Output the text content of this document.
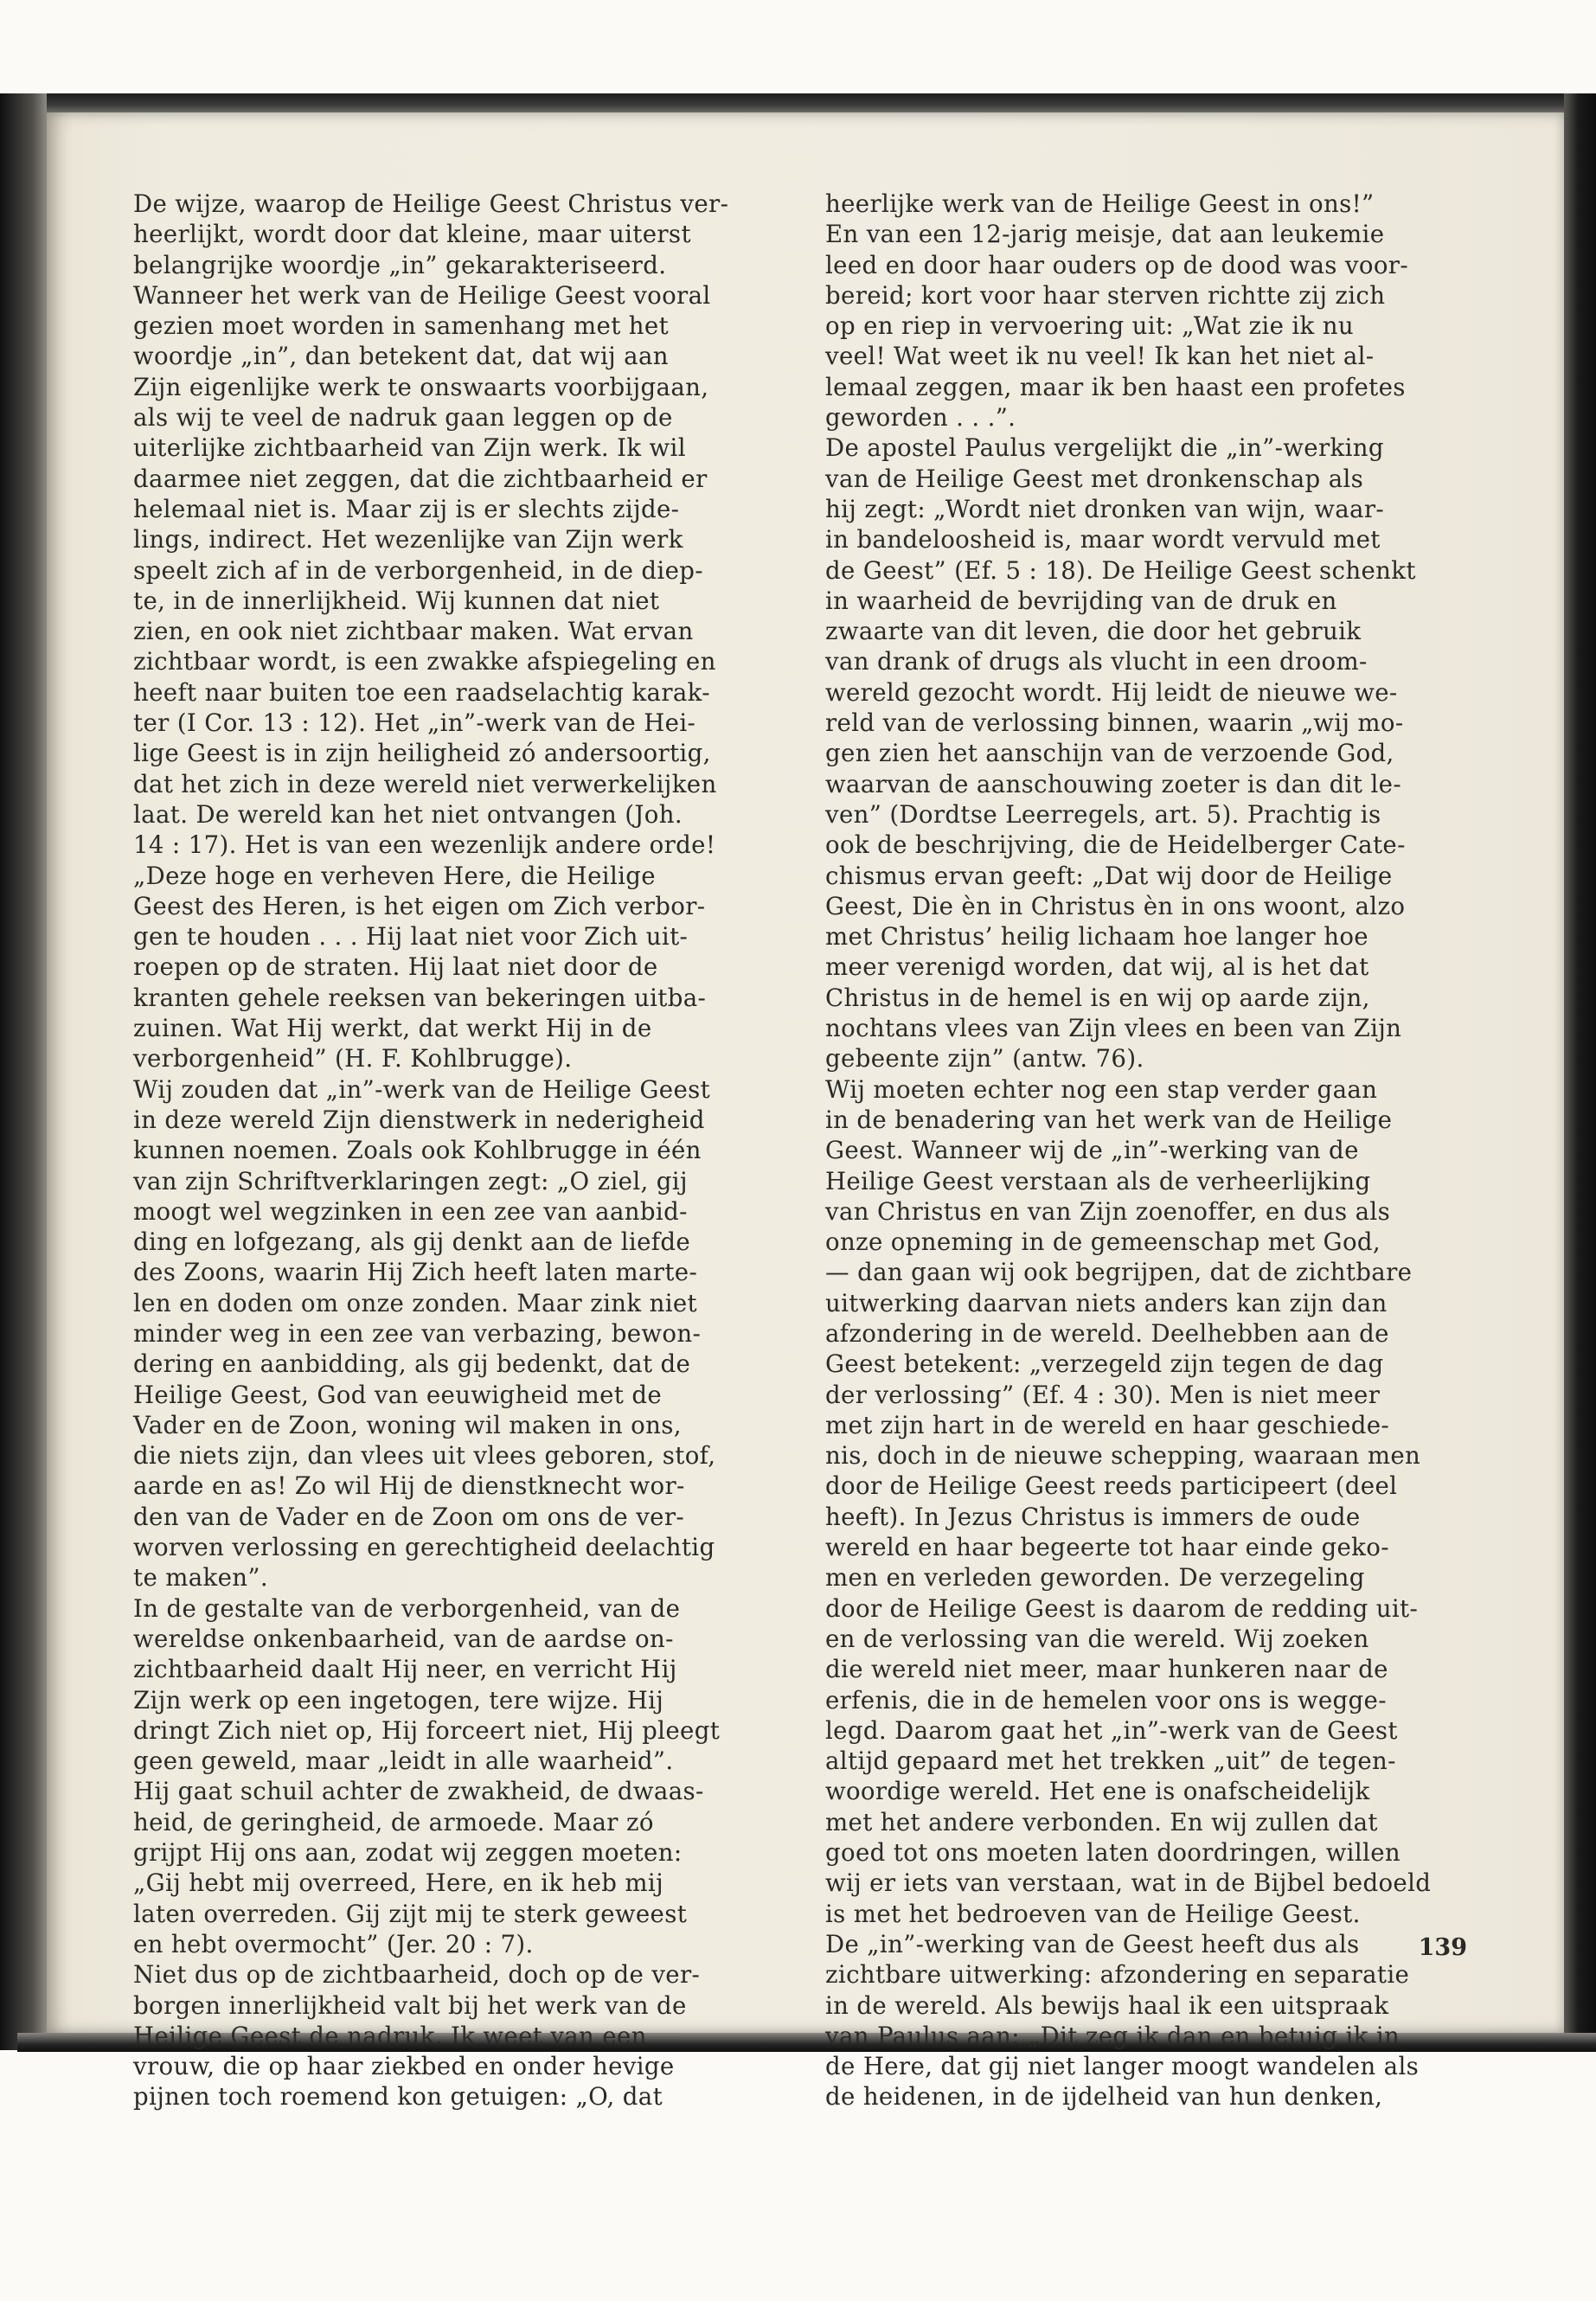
De wijze, waarop de Heilige Geest Christus ver-
heerlijkt, wordt door dat kleine, maar uiterst
belangrijke woordje „in” gekarakteriseerd.

Wanneer het werk van de Heilige Geest vooral
gezien moet worden in samenhang met het
woordje „in”, dan betekent dat, dat wij aan
Zijn eigenlijke werk te onswaarts voorbijgaan,
als wij te veel de nadruk gaan leggen op de
uiterlijke zichtbaarheid van Zijn werk. Ik wil
daarmee niet zeggen, dat die zichtbaarheid er
helemaal niet is. Maar zij is er slechts zijde-
lings, indirect. Het wezenlijke van Zijn werk
speelt zich af in de verborgenheid, in de diep-
te, in de innerlijkheid. Wij kunnen dat niet
zien, en ook niet zichtbaar maken. Wat ervan
zichtbaar wordt, is een zwakke afspiegeling en
heeft naar buiten toe een raadselachtig karak-
ter (I Cor. 13 : 12). Het „in”-werk van de Hei-
lige Geest is in zijn heiligheid zó andersoortig,
dat het zich in deze wereld niet verwerkelijken
laat. De wereld kan het niet ontvangen (Joh.
14 : 17). Het is van een wezenlijk andere orde!

„Deze hoge en verheven Here, die Heilige
Geest des Heren, is het eigen om Zich verbor-
gen te houden . . . Hij laat niet voor Zich uit-
roepen op de straten. Hij laat niet door de
kranten gehele reeksen van bekeringen uitba-
zuinen. Wat Hij werkt, dat werkt Hij in de
verborgenheid” (H. F. Kohlbrugge).

Wij zouden dat „in”-werk van de Heilige Geest
in deze wereld Zijn dienstwerk in nederigheid
kunnen noemen. Zoals ook Kohlbrugge in één
van zijn Schriftverklaringen zegt: „O ziel, gij
moogt wel wegzinken in een zee van aanbid-
ding en lofgezang, als gij denkt aan de liefde
des Zoons, waarin Hij Zich heeft laten marte-
len en doden om onze zonden. Maar zink niet
minder weg in een zee van verbazing, bewon-
dering en aanbidding, als gij bedenkt, dat de
Heilige Geest, God van eeuwigheid met de
Vader en de Zoon, woning wil maken in ons,
die niets zijn, dan vlees uit vlees geboren, stof,
aarde en as! Zo wil Hij de dienstknecht wor-
den van de Vader en de Zoon om ons de ver-
worven verlossing en gerechtigheid deelachtig
te maken”.

In de gestalte van de verborgenheid, van de
wereldse onkenbaarheid, van de aardse on-
zichtbaarheid daalt Hij neer, en verricht Hij
Zijn werk op een ingetogen, tere wijze. Hij
dringt Zich niet op, Hij forceert niet, Hij pleegt
geen geweld, maar „leidt in alle waarheid”.
Hij gaat schuil achter de zwakheid, de dwaas-
heid, de geringheid, de armoede. Maar zó
grijpt Hij ons aan, zodat wij zeggen moeten:
„Gij hebt mij overreed, Here, en ik heb mij
laten overreden. Gij zijt mij te sterk geweest
en hebt overmocht” (Jer. 20 : 7).

Niet dus op de zichtbaarheid, doch op de ver-
borgen innerlijkheid valt bij het werk van de
Heilige Geest de nadruk. Ik weet van een
vrouw, die op haar ziekbed en onder hevige
pijnen toch roemend kon getuigen: „O, dat

heerlijke werk van de Heilige Geest in ons!”
En van een 12-jarig meisje, dat aan leukemie
leed en door haar ouders op de dood was voor-
bereid; kort voor haar sterven richtte zij zich
op en riep in vervoering uit: „Wat zie ik nu
veel! Wat weet ik nu veel! Ik kan het niet al-
lemaal zeggen, maar ik ben haast een profetes
geworden . . .”.

De apostel Paulus vergelijkt die „in”-werking
van de Heilige Geest met dronkenschap als
hij zegt: „Wordt niet dronken van wijn, waar-
in bandeloosheid is, maar wordt vervuld met
de Geest” (Ef. 5 : 18). De Heilige Geest schenkt
in waarheid de bevrijding van de druk en
zwaarte van dit leven, die door het gebruik
van drank of drugs als vlucht in een droom-
wereld gezocht wordt. Hij leidt de nieuwe we-
reld van de verlossing binnen, waarin „wij mo-
gen zien het aanschijn van de verzoende God,
waarvan de aanschouwing zoeter is dan dit le-
ven” (Dordtse Leerregels, art. 5). Prachtig is
ook de beschrijving, die de Heidelberger Cate-
chismus ervan geeft: „Dat wij door de Heilige
Geest, Die èn in Christus èn in ons woont, alzo
met Christus’ heilig lichaam hoe langer hoe
meer verenigd worden, dat wij, al is het dat
Christus in de hemel is en wij op aarde zijn,
nochtans vlees van Zijn vlees en been van Zijn
gebeente zijn” (antw. 76).

Wij moeten echter nog een stap verder gaan
in de benadering van het werk van de Heilige
Geest. Wanneer wij de „in”-werking van de
Heilige Geest verstaan als de verheerlijking
van Christus en van Zijn zoenoffer, en dus als
onze opneming in de gemeenschap met God,
— dan gaan wij ook begrijpen, dat de zichtbare
uitwerking daarvan niets anders kan zijn dan
afzondering in de wereld. Deelhebben aan de
Geest betekent: „verzegeld zijn tegen de dag
der verlossing” (Ef. 4 : 30). Men is niet meer
met zijn hart in de wereld en haar geschiede-
nis, doch in de nieuwe schepping, waaraan men
door de Heilige Geest reeds participeert (deel
heeft). In Jezus Christus is immers de oude
wereld en haar begeerte tot haar einde geko-
men en verleden geworden. De verzegeling
door de Heilige Geest is daarom de redding uit-
en de verlossing van die wereld. Wij zoeken
die wereld niet meer, maar hunkeren naar de
erfenis, die in de hemelen voor ons is wegge-
legd. Daarom gaat het „in”-werk van de Geest
altijd gepaard met het trekken „uit” de tegen-
woordige wereld. Het ene is onafscheidelijk
met het andere verbonden. En wij zullen dat
goed tot ons moeten laten doordringen, willen
wij er iets van verstaan, wat in de Bijbel bedoeld
is met het bedroeven van de Heilige Geest.

De „in”-werking van de Geest heeft dus als
zichtbare uitwerking: afzondering en separatie
in de wereld. Als bewijs haal ik een uitspraak
van Paulus aan: „Dit zeg ik dan en betuig ik in
de Here, dat gij niet langer moogt wandelen als
de heidenen, in de ijdelheid van hun denken,

139
